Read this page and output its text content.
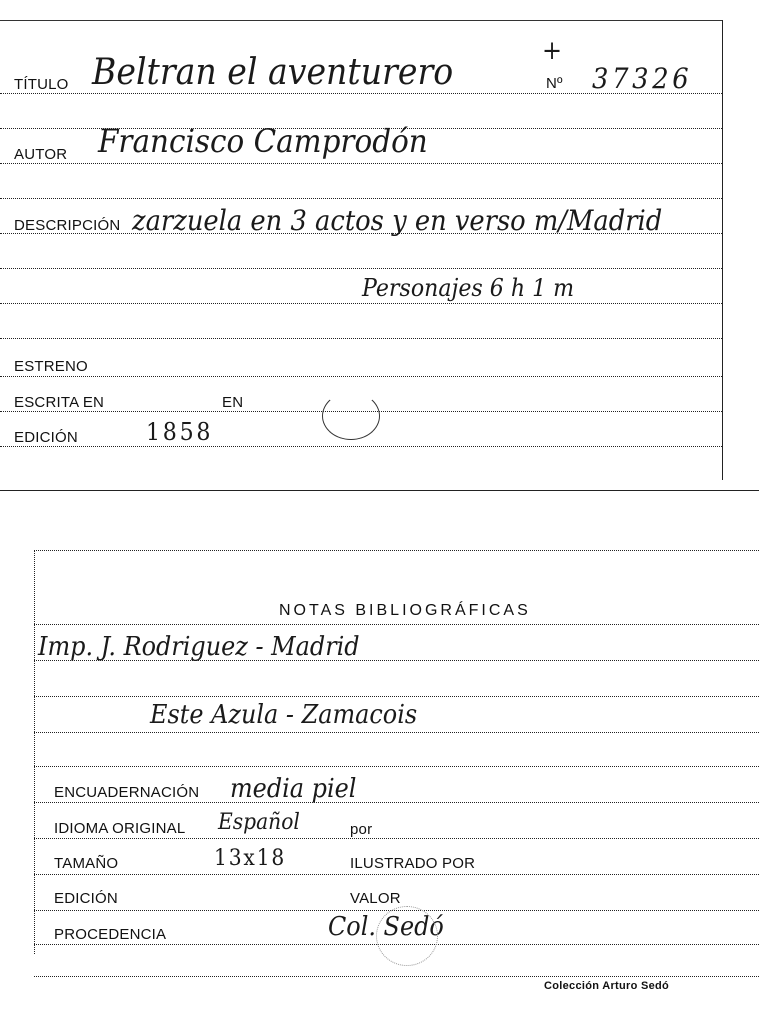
TÍTULO Beltran el aventurero	Nº 37326
+
AUTOR Francisco Camprodón
DESCRIPCIÓN zarzuela en 3 actos y en verso m/Madrid
Personajes 6 h 1 m
ESTRENO
ESCRITA EN	EN
EDICIÓN	1858
NOTAS BIBLIOGRÁFICAS
Imp. J. Rodriguez - Madrid
Este Azula - Zamacois
ENCUADERNACIÓN media piel
IDIOMA ORIGINAL Español	por
TAMAÑO	13x18	ILUSTRADO POR
EDICIÓN	VALOR
PROCEDENCIA	Col. Sedó
Colección Arturo Sedó
